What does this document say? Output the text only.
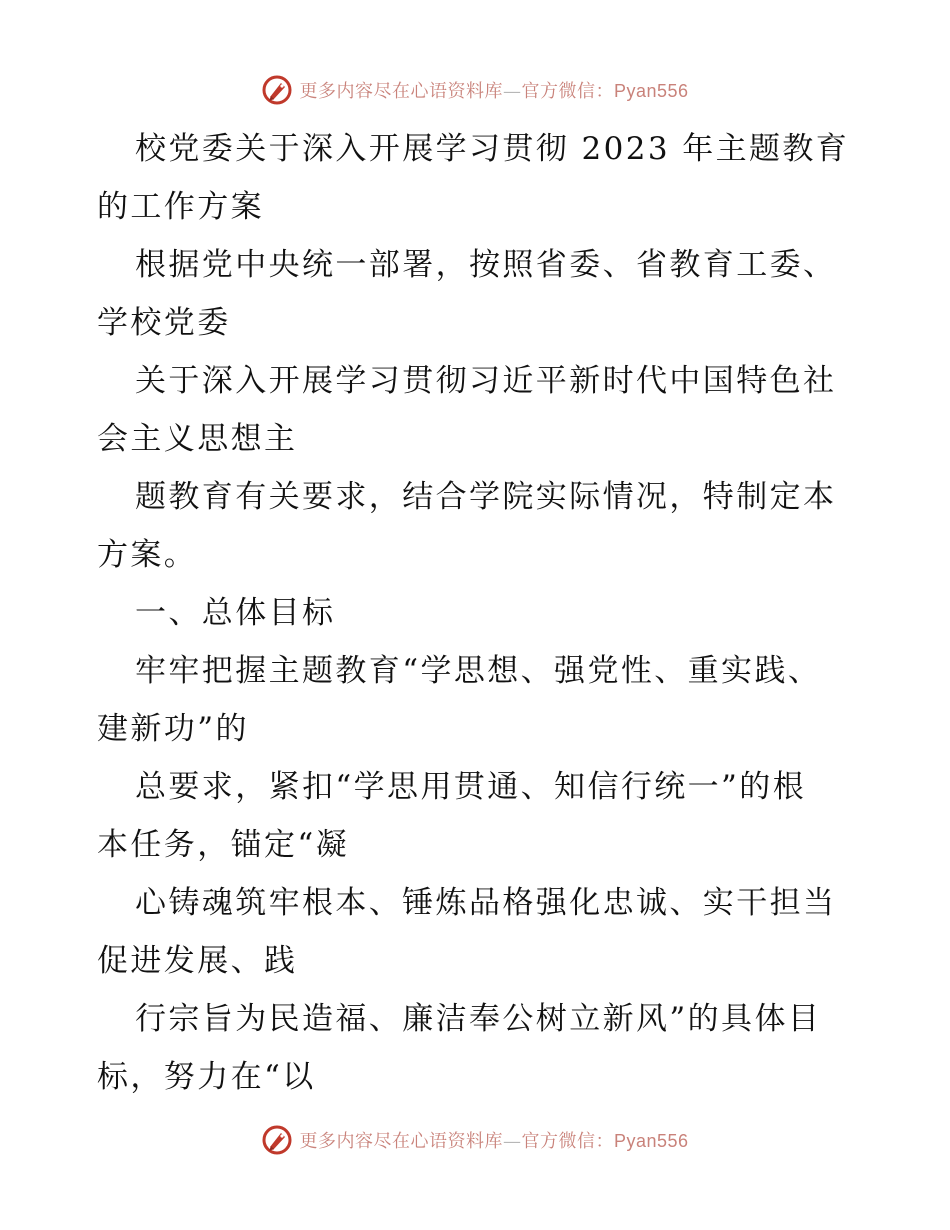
更多内容尽在心语资料库—官方微信：Pyan556
校党委关于深入开展学习贯彻 2023 年主题教育
的工作方案
根据党中央统一部署，按照省委、省教育工委、
学校党委
关于深入开展学习贯彻习近平新时代中国特色社
会主义思想主
题教育有关要求，结合学院实际情况，特制定本
方案。
一、总体目标
牢牢把握主题教育“学思想、强党性、重实践、
建新功”的
总要求，紧扣“学思用贯通、知信行统一”的根
本任务，锚定“凝
心铸魂筑牢根本、锤炼品格强化忠诚、实干担当
促进发展、践
行宗旨为民造福、廉洁奉公树立新风”的具体目
标，努力在“以
更多内容尽在心语资料库—官方微信：Pyan556
